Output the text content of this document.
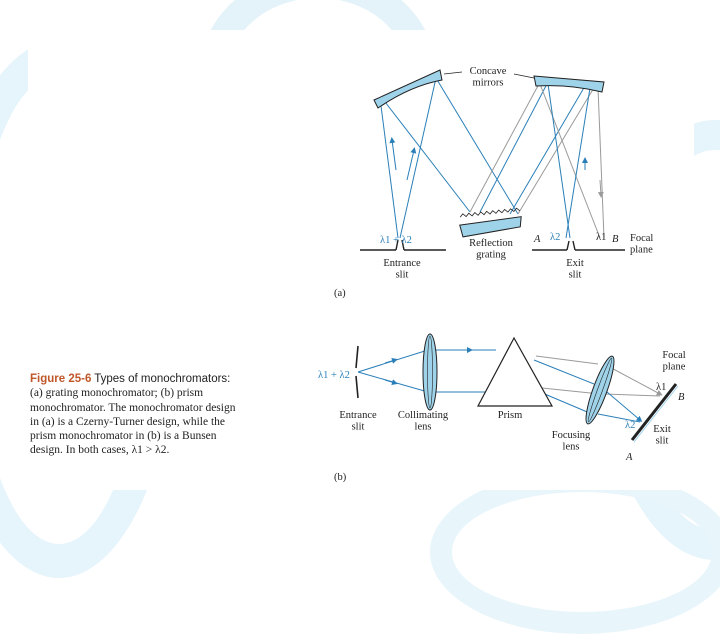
Concave mirrors
Reflection grating
Entrance slit
Exit slit
Focal plane
λ1 + λ2	λ2	λ1
A	B
(a)
λ1 + λ2
Entrance slit
Collimating lens
Prism
Focusing lens
Focal plane
Exit slit
λ1
λ2
A
B
(b)
Figure 25-6 Types of monochromators: (a) grating monochromator; (b) prism monochromator. The monochromator design in (a) is a Czerny-Turner design, while the prism monochromator in (b) is a Bunsen design. In both cases, λ1 > λ2.
